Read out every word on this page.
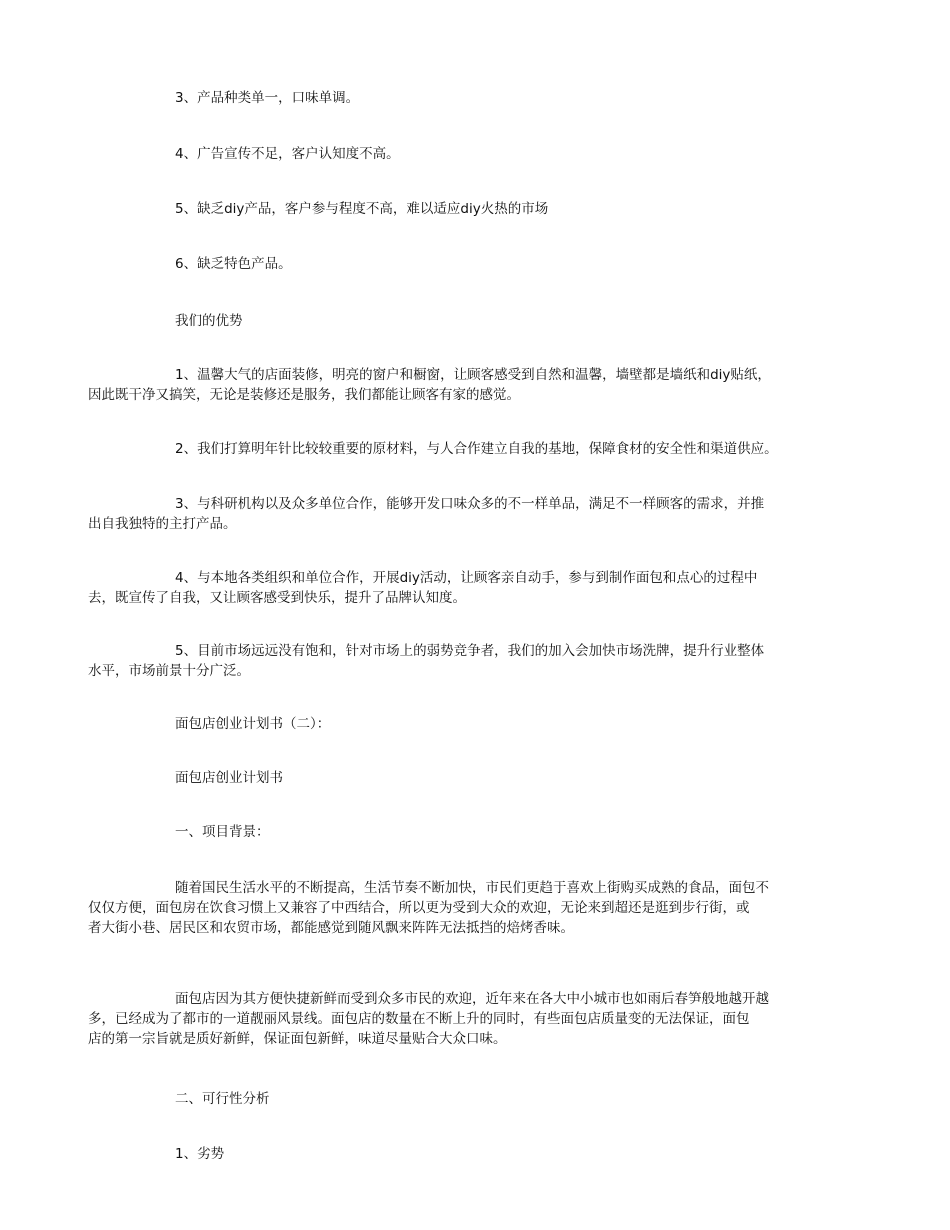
3、产品种类单一，口味单调。
4、广告宣传不足，客户认知度不高。
5、缺乏diy产品，客户参与程度不高，难以适应diy火热的市场
6、缺乏特色产品。
我们的优势
1、温馨大气的店面装修，明亮的窗户和橱窗，让顾客感受到自然和温馨，墙壁都是墙纸和diy贴纸，
因此既干净又搞笑，无论是装修还是服务，我们都能让顾客有家的感觉。
2、我们打算明年针比较较重要的原材料，与人合作建立自我的基地，保障食材的安全性和渠道供应。
3、与科研机构以及众多单位合作，能够开发口味众多的不一样单品，满足不一样顾客的需求，并推
出自我独特的主打产品。
4、与本地各类组织和单位合作，开展diy活动，让顾客亲自动手，参与到制作面包和点心的过程中
去，既宣传了自我，又让顾客感受到快乐，提升了品牌认知度。
5、目前市场远远没有饱和，针对市场上的弱势竞争者，我们的加入会加快市场洗牌，提升行业整体
水平，市场前景十分广泛。
面包店创业计划书（二）：
面包店创业计划书
一、项目背景：
随着国民生活水平的不断提高，生活节奏不断加快，市民们更趋于喜欢上街购买成熟的食品，面包不
仅仅方便，面包房在饮食习惯上又兼容了中西结合，所以更为受到大众的欢迎，无论来到超还是逛到步行街，或
者大街小巷、居民区和农贸市场，都能感觉到随风飘来阵阵无法抵挡的焙烤香味。
面包店因为其方便快捷新鲜而受到众多市民的欢迎，近年来在各大中小城市也如雨后春笋般地越开越
多，已经成为了都市的一道靓丽风景线。面包店的数量在不断上升的同时，有些面包店质量变的无法保证，面包
店的第一宗旨就是质好新鲜，保证面包新鲜，味道尽量贴合大众口味。
二、可行性分析
1、劣势
